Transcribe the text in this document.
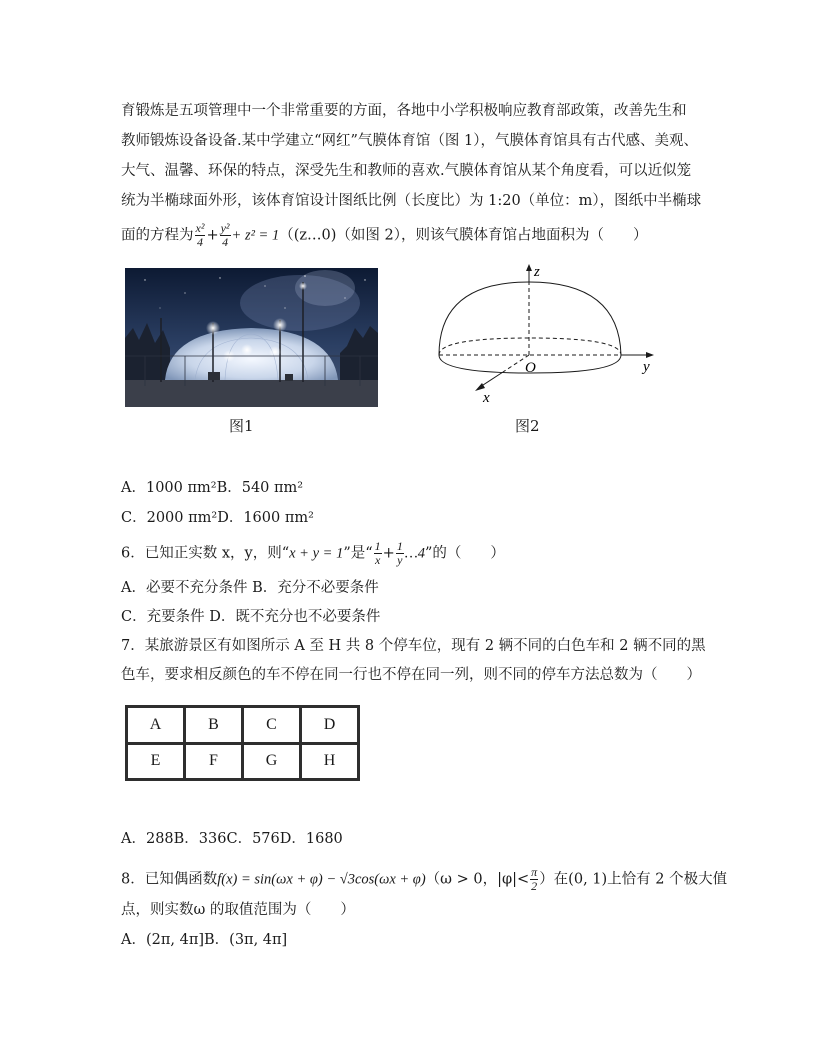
育锻炼是五项管理中一个非常重要的方面，各地中小学积极响应教育部政策，改善先生和
教师锻炼设备设备.某中学建立“网红”气膜体育馆（图 1），气膜体育馆具有古代感、美观、
大气、温馨、环保的特点，深受先生和教师的喜欢.气膜体育馆从某个角度看，可以近似笼
统为半椭球面外形，该体育馆设计图纸比例（长度比）为 1:20（单位：m），图纸中半椭球
面的方程为 $\frac{\text{x²}}{4} + \frac{\text{y²}}{4} + z^2$ = 1（(z…0)（如图 2），则该气膜体育馆占地面积为（　　）
图1
z
y
x
O
图2
A．1000 πm²B．540 πm²
C．2000 πm²D．1600 πm²
6．已知正实数 x，y，则“x + y = 1”是“ $\frac{1}{x} + \frac{1}{y}$ …4”的（　　）
A．必要不充分条件 B．充分不必要条件
C．充要条件 D．既不充分也不必要条件
7．某旅游景区有如图所示 A 至 H 共 8 个停车位，现有 2 辆不同的白色车和 2 辆不同的黑
色车，要求相反颜色的车不停在同一行也不停在同一列，则不同的停车方法总数为（　　）
A	B	C	D
E	F	G	H
A．288B．336C．576D．1680
8．已知偶函数f(x) = sin(ωx + φ) − √3cos(ωx + φ)（ω > 0，$|\varphi|< \frac{\pi}{2}$ ）在(0, 1)上恰有 2 个极大值
点，则实数ω 的取值范围为（　　）
A．(2π, 4π]B．(3π, 4π]
